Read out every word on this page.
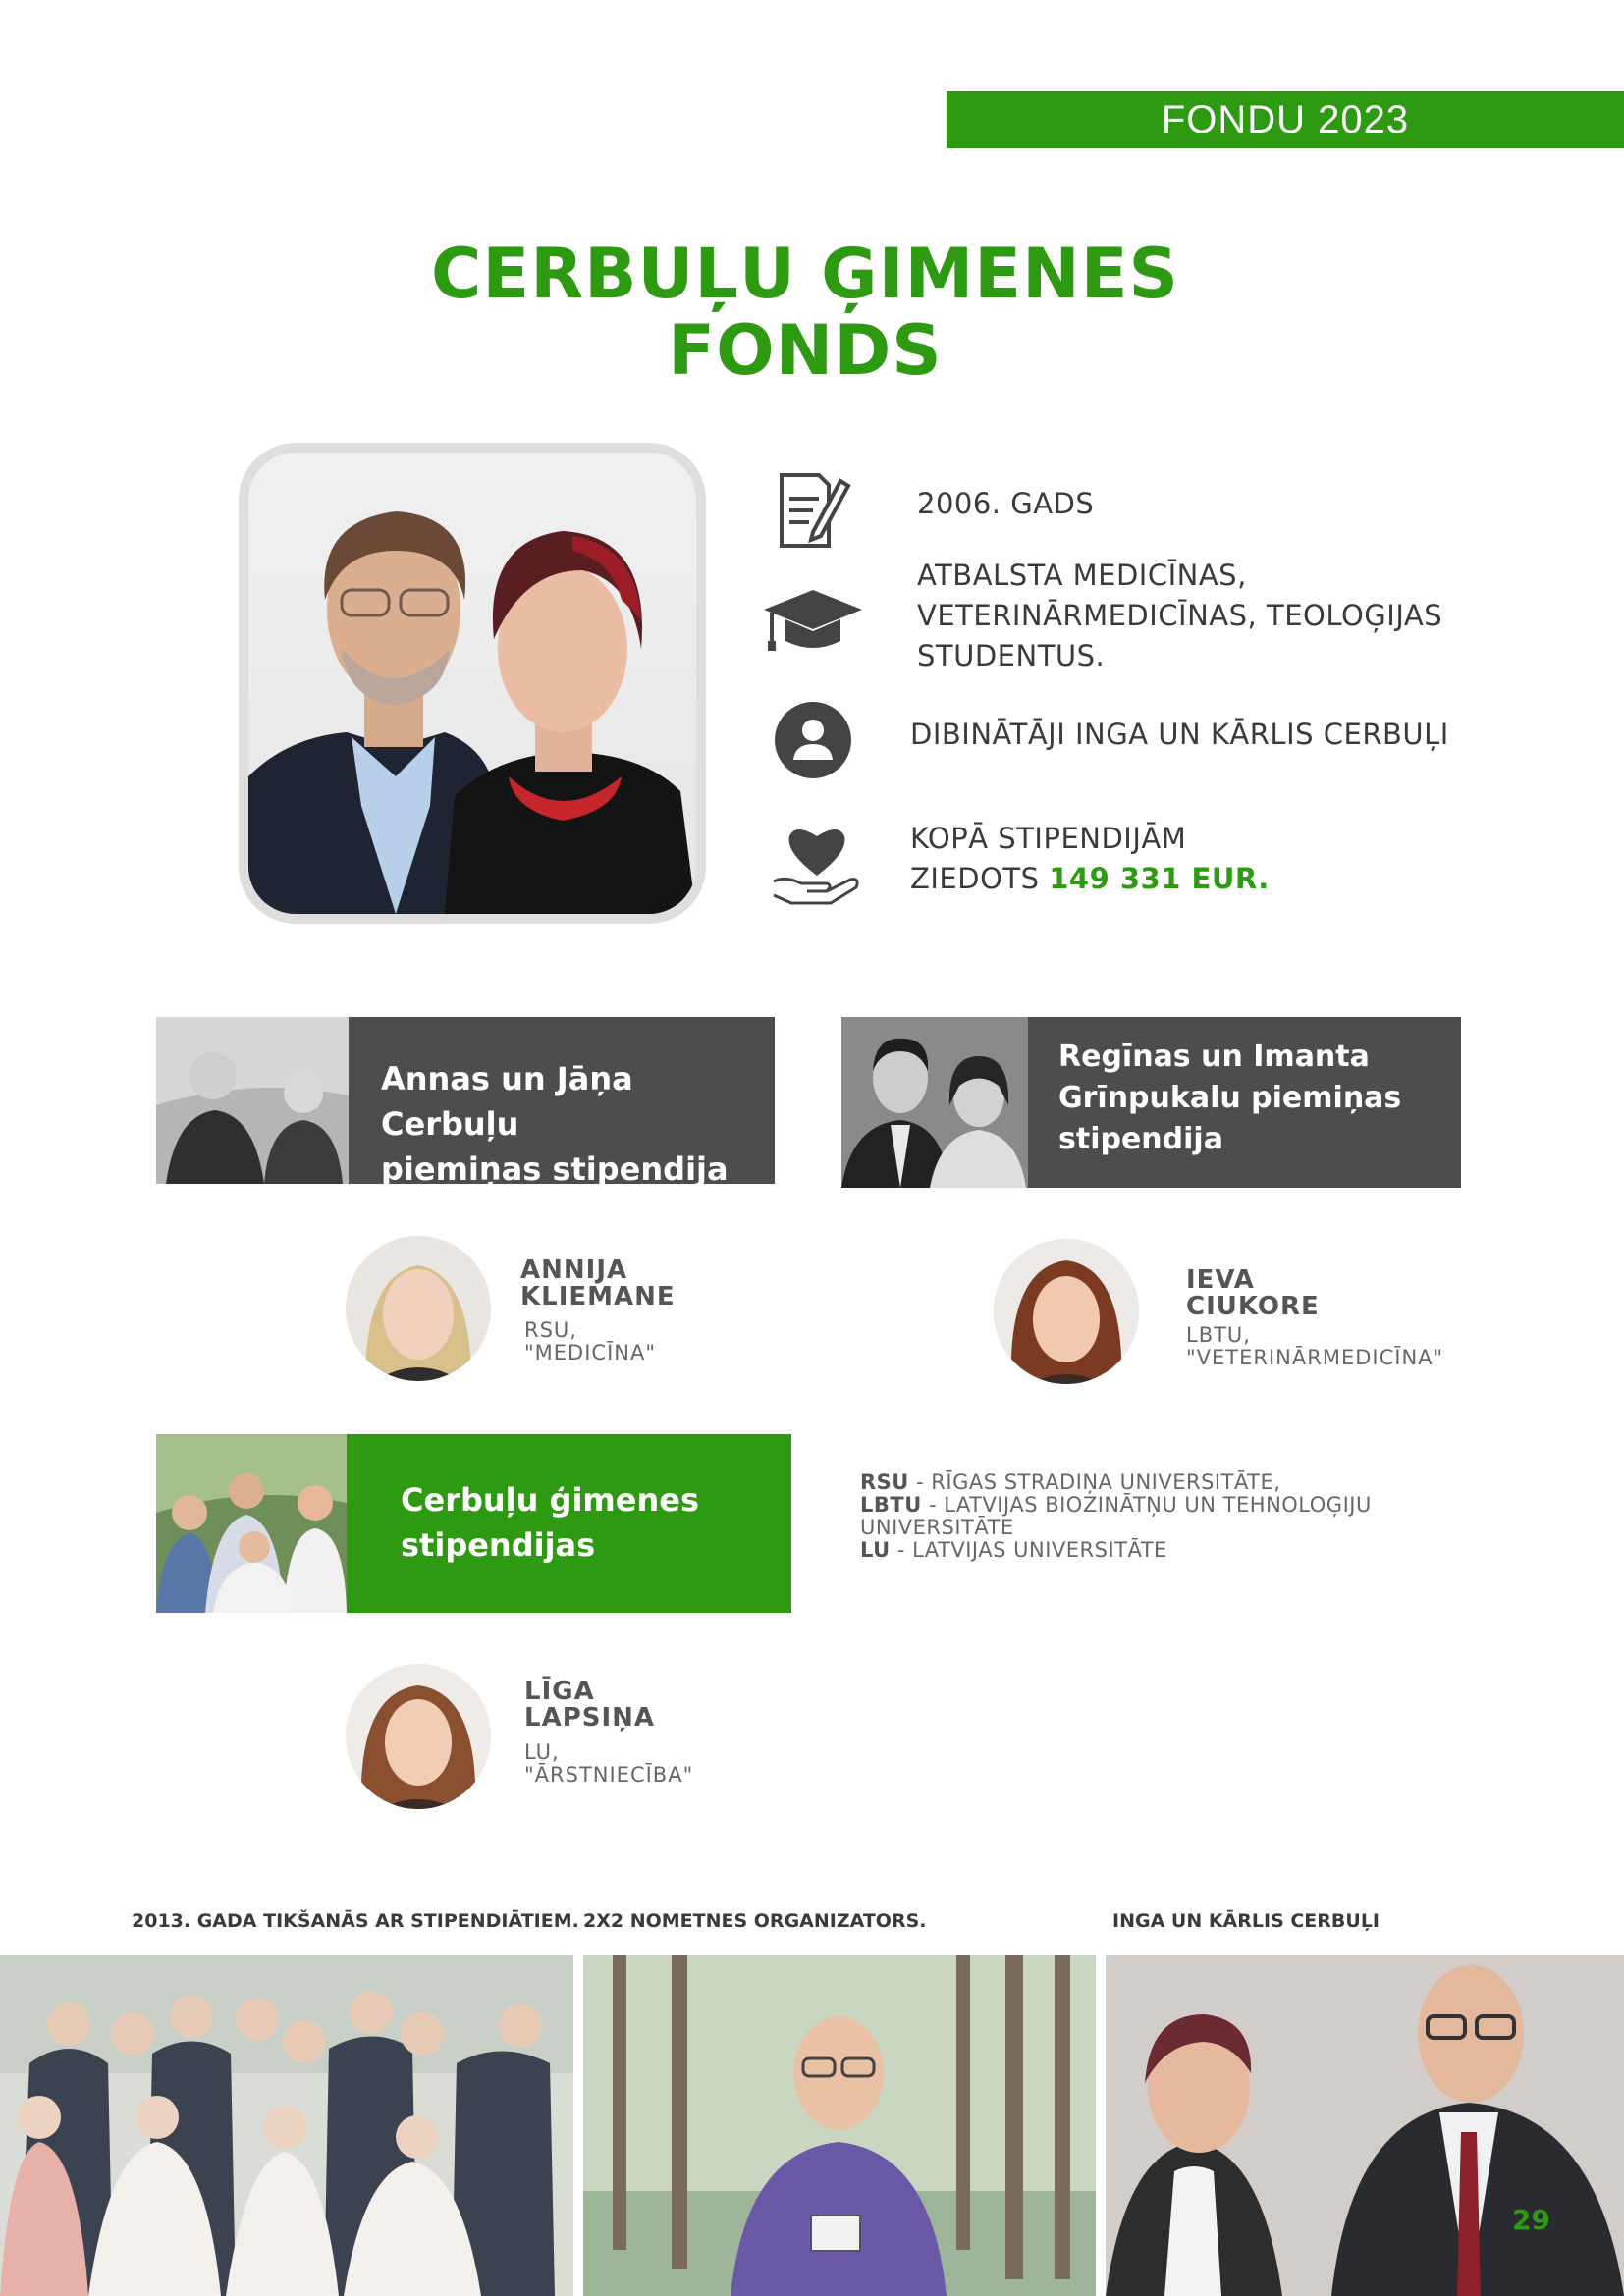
FONDU 2023
CERBUĻU ĢIMENES
FONDS
2006. GADS
ATBALSTA MEDICĪNAS,
VETERINĀRMEDICĪNAS, TEOLOĢIJAS
STUDENTUS.
DIBINĀTĀJI INGA UN KĀRLIS CERBUĻI
KOPĀ STIPENDIJĀM
ZIEDOTS 149 331 EUR.
Annas un Jāņa Cerbuļu
piemiņas stipendija
Regīnas un Imanta
Grīnpukalu piemiņas
stipendija
ANNIJA
KLIEMANE
RSU,
"MEDICĪNA"
IEVA
CIUKORE
LBTU,
"VETERINĀRMEDICĪNA"
Cerbuļu ģimenes
stipendijas
RSU - RĪGAS STRADIŅA UNIVERSITĀTE,
LBTU - LATVIJAS BIOZINĀTŅU UN TEHNOLOĢIJU
UNIVERSITĀTE
LU - LATVIJAS UNIVERSITĀTE
LĪGA
LAPSIŅA
LU,
"ĀRSTNIECĪBA"
2013. GADA TIKŠANĀS AR STIPENDIĀTIEM. 2X2 NOMETNES ORGANIZATORS.	INGA UN KĀRLIS CERBUĻI
29
